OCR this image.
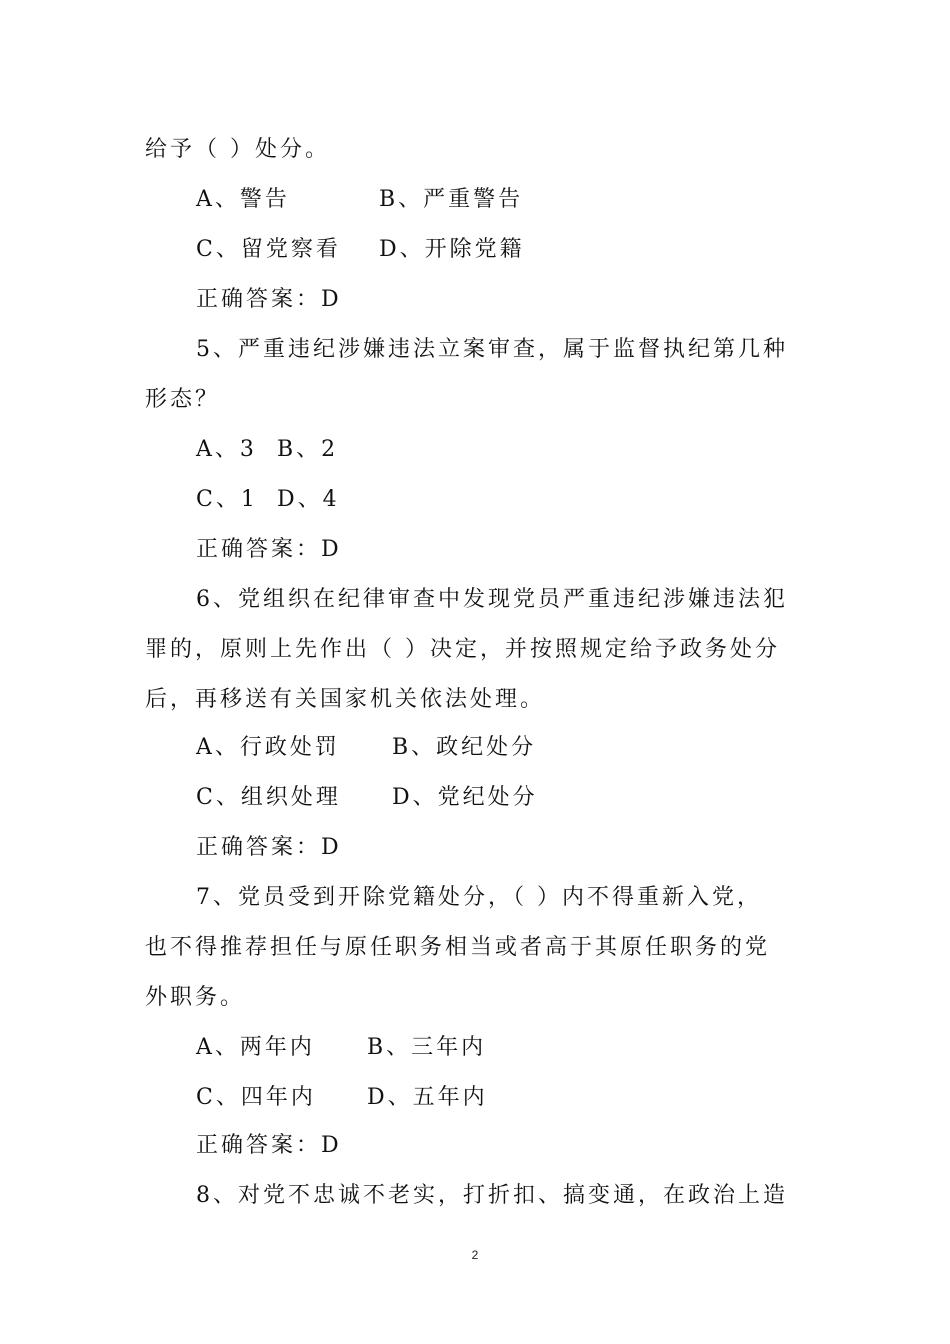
给予（ ）处分。
A、警告	B、严重警告
C、留党察看 D、开除党籍
正确答案：D
5、严重违纪涉嫌违法立案审查，属于监督执纪第几种
形态？
A、3 B、2
C、1 D、4
正确答案：D
6、党组织在纪律审查中发现党员严重违纪涉嫌违法犯
罪的，原则上先作出（ ）决定，并按照规定给予政务处分
后，再移送有关国家机关依法处理。
A、行政处罚 B、政纪处分
C、组织处理 D、党纪处分
正确答案：D
7、党员受到开除党籍处分，（ ）内不得重新入党，
也不得推荐担任与原任职务相当或者高于其原任职务的党
外职务。
A、两年内 B、三年内
C、四年内 D、五年内
正确答案：D
8、对党不忠诚不老实，打折扣、搞变通，在政治上造
2
